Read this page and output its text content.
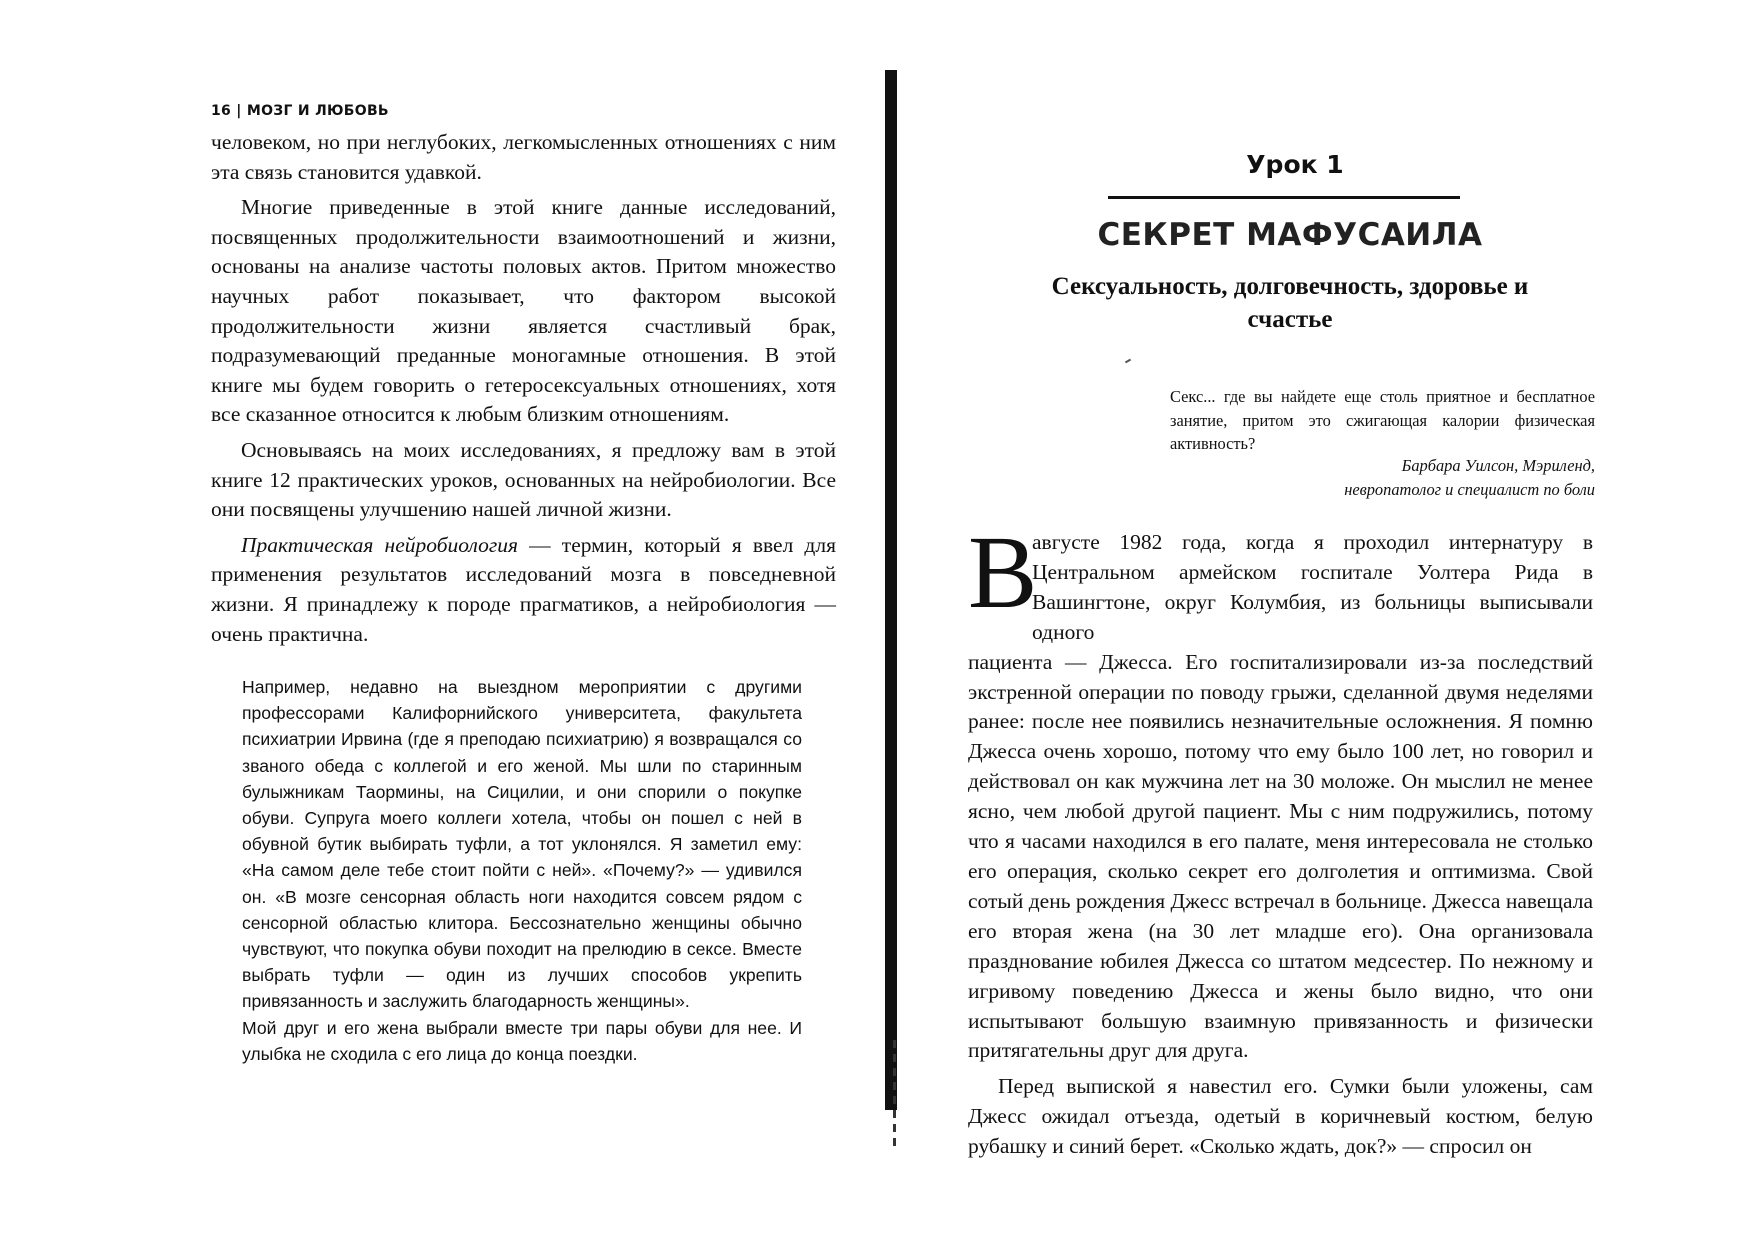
16 | МОЗГ И ЛЮБОВЬ

человеком, но при неглубоких, легкомысленных отношениях с ним эта связь становится удавкой.

Многие приведенные в этой книге данные исследований, посвященных продолжительности взаимоотношений и жизни, основаны на анализе частоты половых актов. Притом множество научных работ показывает, что фактором высокой продолжительности жизни является счастливый брак, подразумевающий преданные моногамные отношения. В этой книге мы будем говорить о гетеросексуальных отношениях, хотя все сказанное относится к любым близким отношениям.

Основываясь на моих исследованиях, я предложу вам в этой книге 12 практических уроков, основанных на нейробиологии. Все они посвящены улучшению нашей личной жизни.

Практическая нейробиология — термин, который я ввел для применения результатов исследований мозга в повседневной жизни. Я принадлежу к породе прагматиков, а нейробиология — очень практична.

Например, недавно на выездном мероприятии с другими профессорами Калифорнийского университета, факультета психиатрии Ирвина (где я преподаю психиатрию) я возвращался со званого обеда с коллегой и его женой. Мы шли по старинным булыжникам Таормины, на Сицилии, и они спорили о покупке обуви. Супруга моего коллеги хотела, чтобы он пошел с ней в обувной бутик выбирать туфли, а тот уклонялся. Я заметил ему: «На самом деле тебе стоит пойти с ней». «Почему?» — удивился он. «В мозге сенсорная область ноги находится совсем рядом с сенсорной областью клитора. Бессознательно женщины обычно чувствуют, что покупка обуви походит на прелюдию в сексе. Вместе выбрать туфли — один из лучших способов укрепить привязанность и заслужить благодарность женщины».

Мой друг и его жена выбрали вместе три пары обуви для нее. И улыбка не сходила с его лица до конца поездки.

Урок 1
СЕКРЕТ МАФУСАИЛА
Сексуальность, долговечность, здоровье и счастье
Секс... где вы найдете еще столь приятное и бесплатное занятие, притом это сжигающая калории физическая активность?
Барбара Уилсон, Мэриленд,
невропатолог и специалист по боли
В

августе 1982 года, когда я проходил интернатуру в Центральном армейском госпитале Уолтера Рида в Вашингтоне, округ Колумбия, из больницы выписывали одного
пациента — Джесса. Его госпитализировали из-за последствий экстренной операции по поводу грыжи, сделанной двумя неделями ранее: после нее появились незначительные осложнения. Я помню Джесса очень хорошо, потому что ему было 100 лет, но говорил и действовал он как мужчина лет на 30 моложе. Он мыслил не менее ясно, чем любой другой пациент. Мы с ним подружились, потому что я часами находился в его палате, меня интересовала не столько его операция, сколько секрет его долголетия и оптимизма. Свой сотый день рождения Джесс встречал в больнице. Джесса навещала его вторая жена (на 30 лет младше его). Она организовала празднование юбилея Джесса со штатом медсестер. По нежному и игривому поведению Джесса и жены было видно, что они испытывают большую взаимную привязанность и физически притягательны друг для друга.

Перед выпиской я навестил его. Сумки были уложены, сам Джесс ожидал отъезда, одетый в коричневый костюм, белую рубашку и синий берет. «Сколько ждать, док?» — спросил он
